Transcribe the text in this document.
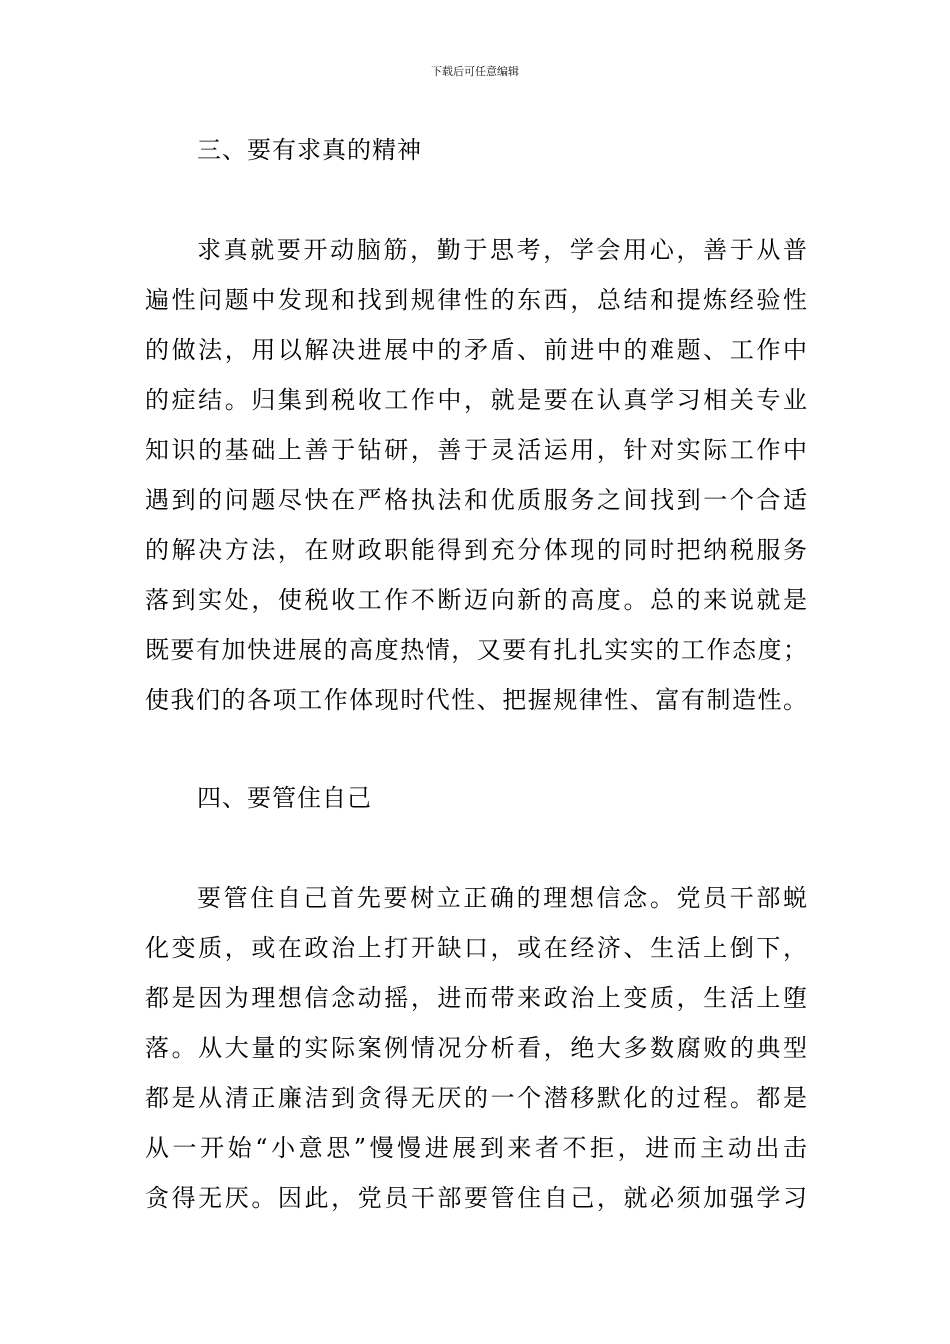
下载后可任意编辑
三、要有求真的精神
求真就要开动脑筋，勤于思考，学会用心，善于从普
遍性问题中发现和找到规律性的东西，总结和提炼经验性
的做法，用以解决进展中的矛盾、前进中的难题、工作中
的症结。归集到税收工作中，就是要在认真学习相关专业
知识的基础上善于钻研，善于灵活运用，针对实际工作中
遇到的问题尽快在严格执法和优质服务之间找到一个合适
的解决方法，在财政职能得到充分体现的同时把纳税服务
落到实处，使税收工作不断迈向新的高度。总的来说就是
既要有加快进展的高度热情，又要有扎扎实实的工作态度；
使我们的各项工作体现时代性、把握规律性、富有制造性。
四、要管住自己
要管住自己首先要树立正确的理想信念。党员干部蜕
化变质，或在政治上打开缺口，或在经济、生活上倒下，
都是因为理想信念动摇，进而带来政治上变质，生活上堕
落。从大量的实际案例情况分析看，绝大多数腐败的典型
都是从清正廉洁到贪得无厌的一个潜移默化的过程。都是
从一开始“小意思”慢慢进展到来者不拒，进而主动出击
贪得无厌。因此，党员干部要管住自己，就必须加强学习
